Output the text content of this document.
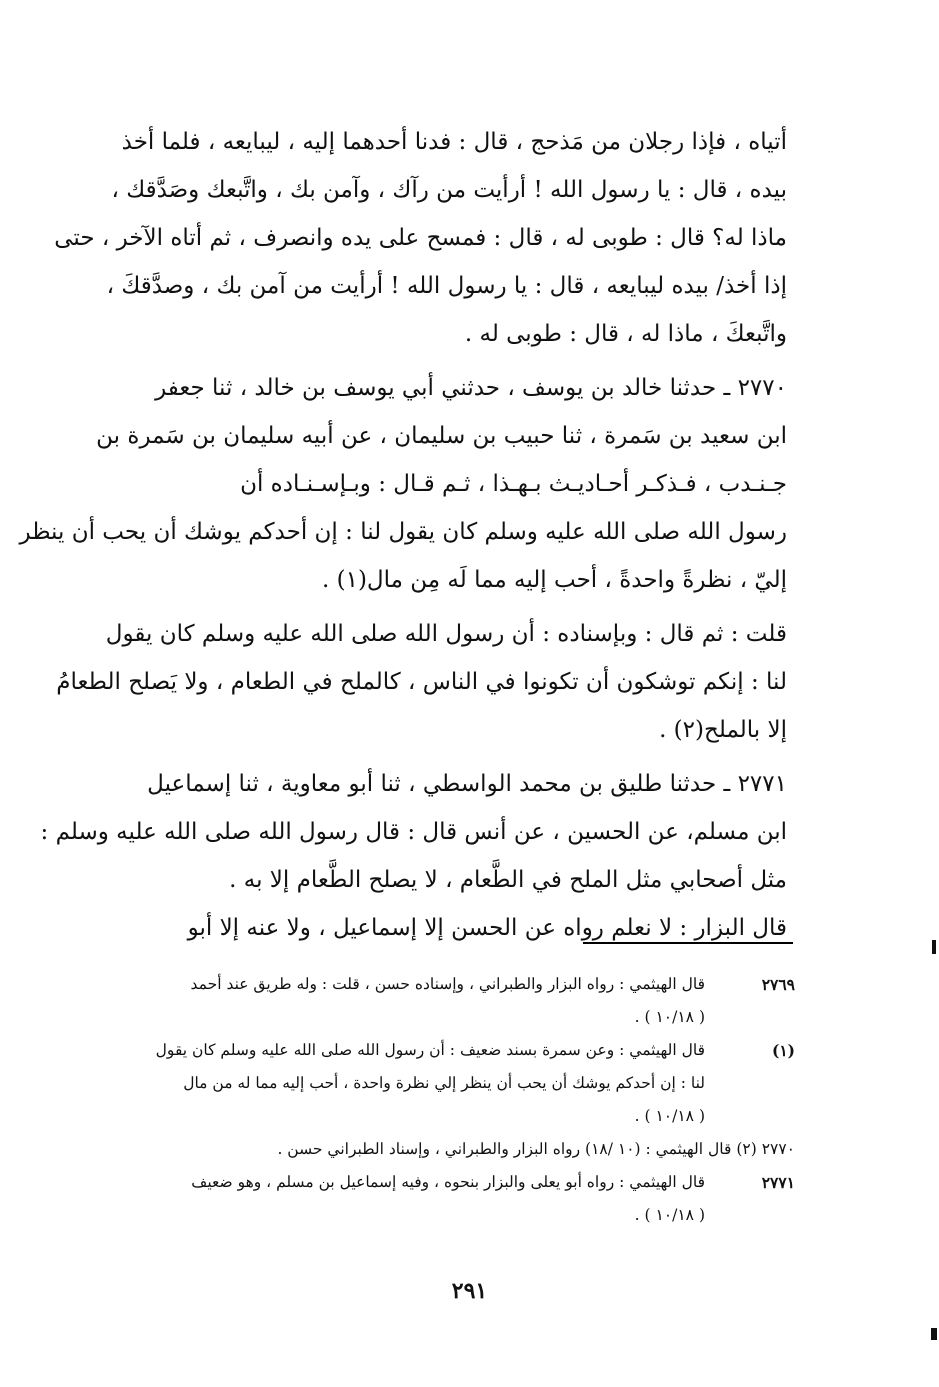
أتياه ، فإذا رجلان من مَذحج ، قال : فدنا أحدهما إليه ، ليبايعه ، فلما أخذ
بيده ، قال : يا رسول الله ! أرأيت من رآك ، وآمن بك ، واتَّبعك وصَدَّقك ،
ماذا له؟ قال : طوبى له ، قال : فمسح على يده وانصرف ، ثم أتاه الآخر ، حتى
إذا أخذ/ بيده ليبايعه ، قال : يا رسول الله ! أرأيت من آمن بك ، وصدَّقكَ ،
واتَّبعكَ ، ماذا له ، قال : طوبى له .
٢٧٧٠ ـ حدثنا خالد بن يوسف ، حدثني أبي يوسف بن خالد ، ثنا جعفر
ابن سعيد بن سَمرة ، ثنا حبيب بن سليمان ، عن أبيه سليمان بن سَمرة بن
جـنـدب ، فـذكـر أحـاديـث بـهـذا ، ثـم قـال : وبـإسـنـاده أن
رسول الله صلى الله عليه وسلم كان يقول لنا : إن أحدكم يوشك أن يحب أن ينظر
إليّ ، نظرةً واحدةً ، أحب إليه مما لَه مِن مال(١) .
قلت : ثم قال : وبإسناده : أن رسول الله صلى الله عليه وسلم كان يقول
لنا : إنكم توشكون أن تكونوا في الناس ، كالملح في الطعام ، ولا يَصلح الطعامُ
إلا بالملح(٢) .
٢٧٧١ ـ حدثنا طليق بن محمد الواسطي ، ثنا أبو معاوية ، ثنا إسماعيل
ابن مسلم، عن الحسين ، عن أنس قال : قال رسول الله صلى الله عليه وسلم :
مثل أصحابي مثل الملح في الطَّعام ، لا يصلح الطَّعام إلا به .
قال البزار : لا نعلم رواه عن الحسن إلا إسماعيل ، ولا عنه إلا أبو
٢٧٦٩
قال الهيثمي : رواه البزار والطبراني ، وإسناده حسن ، قلت : وله طريق عند أحمد
( ١٠/١٨ ) .
(١)
قال الهيثمي : وعن سمرة بسند ضعيف : أن رسول الله صلى الله عليه وسلم كان يقول
لنا : إن أحدكم يوشك أن يحب أن ينظر إلي نظرة واحدة ، أحب إليه مما له من مال
( ١٠/١٨ ) .
٢٧٧٠ (٢) قال الهيثمي : (١٠ /١٨) رواه البزار والطبراني ، وإسناد الطبراني حسن .
٢٧٧١
قال الهيثمي : رواه أبو يعلى والبزار بنحوه ، وفيه إسماعيل بن مسلم ، وهو ضعيف
( ١٠/١٨ ) .
٢٩١
